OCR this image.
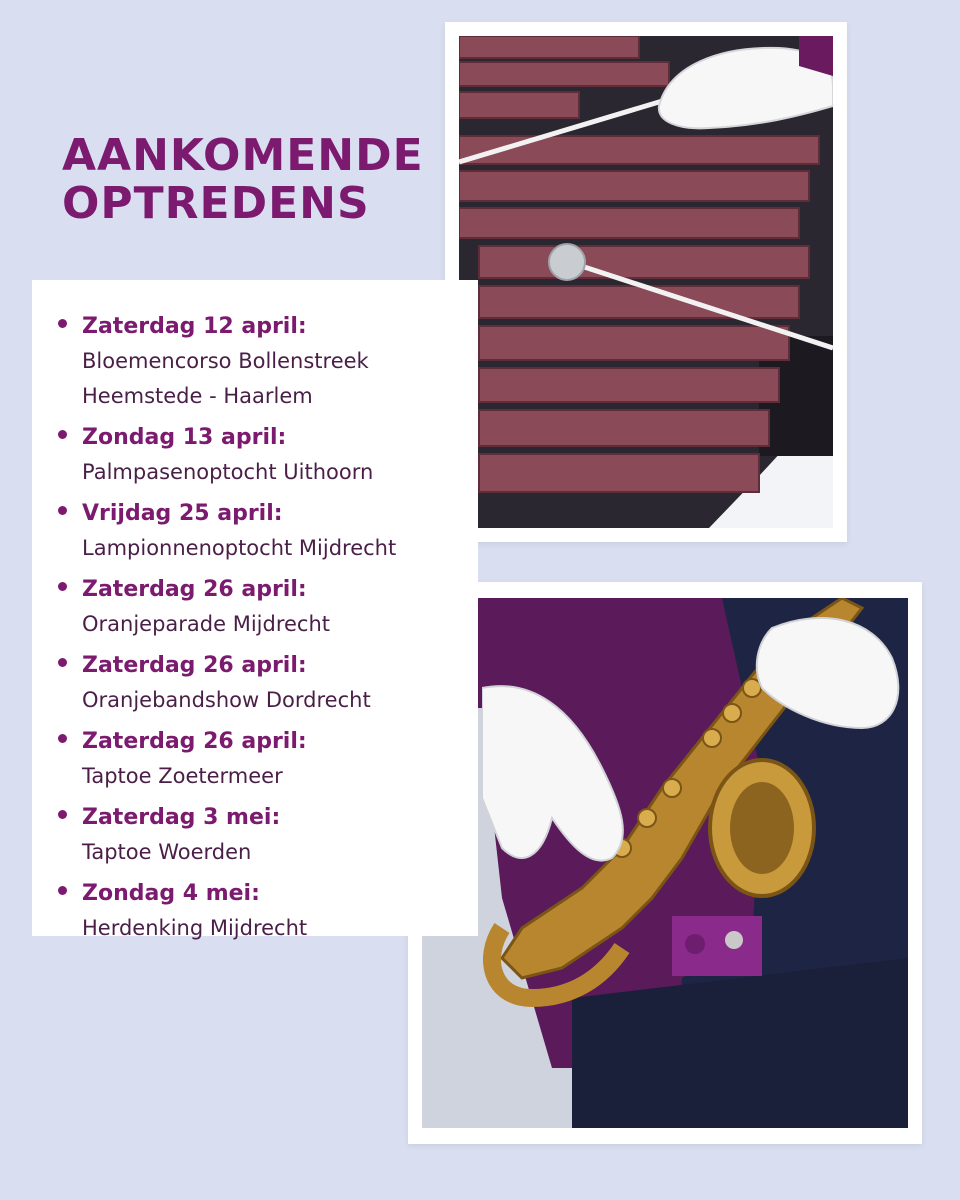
AANKOMENDE
OPTREDENS
Zaterdag 12 april:
Bloemencorso Bollenstreek
Heemstede - Haarlem
Zondag 13 april:
Palmpasenoptocht Uithoorn
Vrijdag 25 april:
Lampionnenoptocht Mijdrecht
Zaterdag 26 april:
Oranjeparade Mijdrecht
Zaterdag 26 april:
Oranjebandshow Dordrecht
Zaterdag 26 april:
Taptoe Zoetermeer
Zaterdag 3 mei:
Taptoe Woerden
Zondag 4 mei:
Herdenking Mijdrecht
